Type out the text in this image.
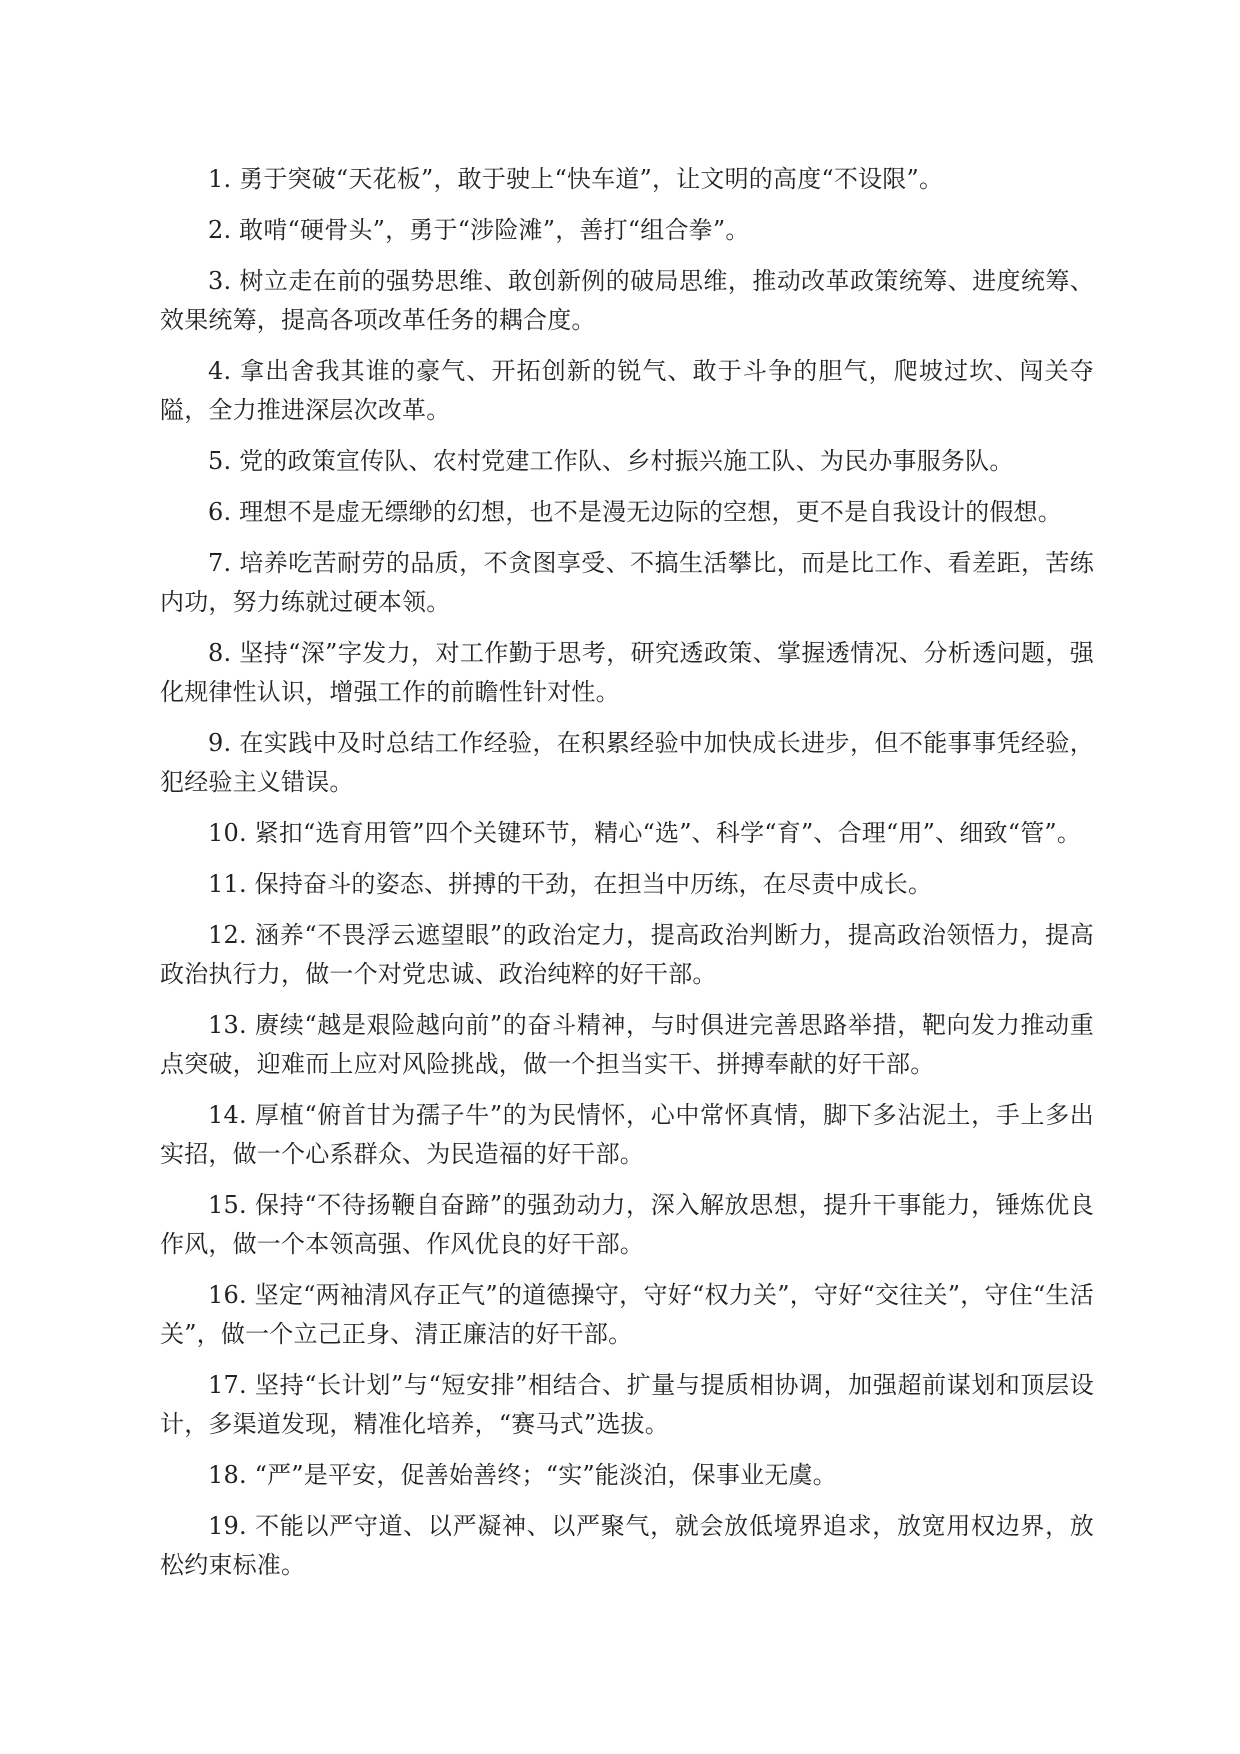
1. 勇于突破“天花板”，敢于驶上“快车道”，让文明的高度“不设限”。

2. 敢啃“硬骨头”，勇于“涉险滩”，善打“组合拳”。

3. 树立走在前的强势思维、敢创新例的破局思维，推动改革政策统筹、进度统筹、效果统筹，提高各项改革任务的耦合度。

4. 拿出舍我其谁的豪气、开拓创新的锐气、敢于斗争的胆气，爬坡过坎、闯关夺隘，全力推进深层次改革。

5. 党的政策宣传队、农村党建工作队、乡村振兴施工队、为民办事服务队。

6. 理想不是虚无缥缈的幻想，也不是漫无边际的空想，更不是自我设计的假想。

7. 培养吃苦耐劳的品质，不贪图享受、不搞生活攀比，而是比工作、看差距，苦练内功，努力练就过硬本领。

8. 坚持“深”字发力，对工作勤于思考，研究透政策、掌握透情况、分析透问题，强化规律性认识，增强工作的前瞻性针对性。

9. 在实践中及时总结工作经验，在积累经验中加快成长进步，但不能事事凭经验，犯经验主义错误。

10. 紧扣“选育用管”四个关键环节，精心“选”、科学“育”、合理“用”、细致“管”。

11. 保持奋斗的姿态、拼搏的干劲，在担当中历练，在尽责中成长。

12. 涵养“不畏浮云遮望眼”的政治定力，提高政治判断力，提高政治领悟力，提高政治执行力，做一个对党忠诚、政治纯粹的好干部。

13. 赓续“越是艰险越向前”的奋斗精神，与时俱进完善思路举措，靶向发力推动重点突破，迎难而上应对风险挑战，做一个担当实干、拼搏奉献的好干部。

14. 厚植“俯首甘为孺子牛”的为民情怀，心中常怀真情，脚下多沾泥土，手上多出实招，做一个心系群众、为民造福的好干部。

15. 保持“不待扬鞭自奋蹄”的强劲动力，深入解放思想，提升干事能力，锤炼优良作风，做一个本领高强、作风优良的好干部。

16. 坚定“两袖清风存正气”的道德操守，守好“权力关”，守好“交往关”，守住“生活关”，做一个立己正身、清正廉洁的好干部。

17. 坚持“长计划”与“短安排”相结合、扩量与提质相协调，加强超前谋划和顶层设计，多渠道发现，精准化培养，“赛马式”选拔。

18. “严”是平安，促善始善终；“实”能淡泊，保事业无虞。

19. 不能以严守道、以严凝神、以严聚气，就会放低境界追求，放宽用权边界，放松约束标准。
